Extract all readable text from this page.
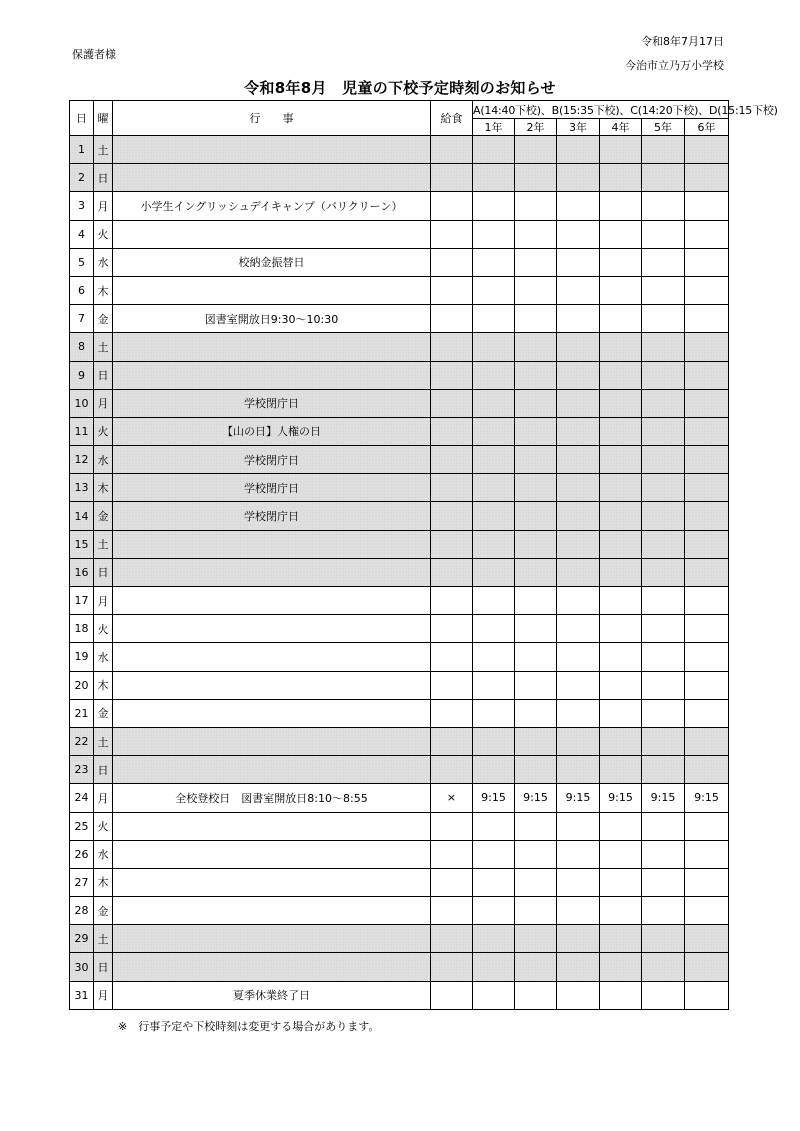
令和8年7月17日
保護者様
今治市立乃万小学校
令和8年8月　児童の下校予定時刻のお知らせ
日	曜	行　　事	給食	A(14:40下校)、B(15:35下校)、C(14:20下校)、D(15:15下校)					
				1年	2年	3年	4年	5年	6年
1	土								
2	日								
3	月	小学生イングリッシュデイキャンプ（バリクリーン）							
4	火								
5	水	校納金振替日							
6	木								
7	金	図書室開放日9:30～10:30							
8	土								
9	日								
10	月	学校閉庁日							
11	火	【山の日】人権の日							
12	水	学校閉庁日							
13	木	学校閉庁日							
14	金	学校閉庁日							
15	土								
16	日								
17	月								
18	火								
19	水								
20	木								
21	金								
22	土								
23	日								
24	月	全校登校日　図書室開放日8:10～8:55	×	9:15	9:15	9:15	9:15	9:15	9:15
25	火								
26	水								
27	木								
28	金								
29	土								
30	日								
31	月	夏季休業終了日							
※　行事予定や下校時刻は変更する場合があります。
